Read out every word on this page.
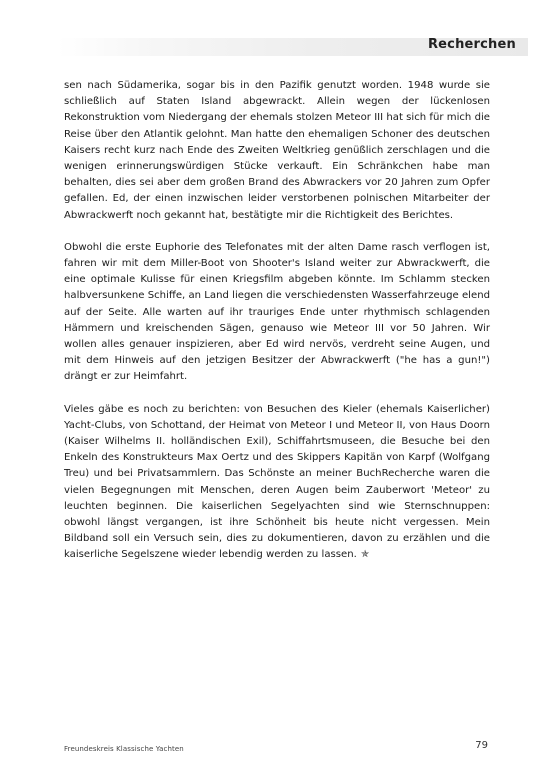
Recherchen

sen nach Südamerika, sogar bis in den Pazifik genutzt worden. 1948 wurde sie schließlich auf Staten Island abgewrackt. Allein wegen der lückenlosen Rekonstruktion vom Niedergang der ehemals stolzen Meteor III hat sich für mich die Reise über den Atlantik gelohnt. Man hatte den ehemaligen Schoner des deutschen Kaisers recht kurz nach Ende des Zweiten Weltkrieg genüßlich zerschlagen und die wenigen erinnerungswürdigen Stücke verkauft. Ein Schränkchen habe man behalten, dies sei aber dem großen Brand des Abwrackers vor 20 Jahren zum Opfer gefallen. Ed, der einen inzwischen leider verstorbenen polnischen Mitarbeiter der Abwrackwerft noch gekannt hat, bestätigte mir die Richtigkeit des Berichtes.

Obwohl die erste Euphorie des Telefonates mit der alten Dame rasch verflogen ist, fahren wir mit dem Miller-Boot von Shooter's Island weiter zur Abwrackwerft, die eine optimale Kulisse für einen Kriegsfilm abgeben könnte. Im Schlamm stecken halbversunkene Schiffe, an Land liegen die verschiedensten Wasserfahrzeuge elend auf der Seite. Alle warten auf ihr trauriges Ende unter rhythmisch schlagenden Hämmern und kreischenden Sägen, genauso wie Meteor III vor 50 Jahren. Wir wollen alles genauer inspizieren, aber Ed wird nervös, verdreht seine Augen, und mit dem Hinweis auf den jetzigen Besitzer der Abwrackwerft ("he has a gun!") drängt er zur Heimfahrt.

Vieles gäbe es noch zu berichten: von Besuchen des Kieler (ehemals Kaiserlicher) Yacht-Clubs, von Schottand, der Heimat von Meteor I und Meteor II, von Haus Doorn (Kaiser Wilhelms II. holländischen Exil), Schiffahrtsmuseen, die Besuche bei den Enkeln des Konstrukteurs Max Oertz und des Skippers Kapitän von Karpf (Wolfgang Treu) und bei Privatsammlern. Das Schönste an meiner BuchRecherche waren die vielen Begegnungen mit Menschen, deren Augen beim Zauberwort 'Meteor' zu leuchten beginnen. Die kaiserlichen Segelyachten sind wie Sternschnuppen: obwohl längst vergangen, ist ihre Schönheit bis heute nicht vergessen. Mein Bildband soll ein Versuch sein, dies zu dokumentieren, davon zu erzählen und die kaiserliche Segelszene wieder lebendig werden zu lassen. ✯

Freundeskreis Klassische Yachten	79
